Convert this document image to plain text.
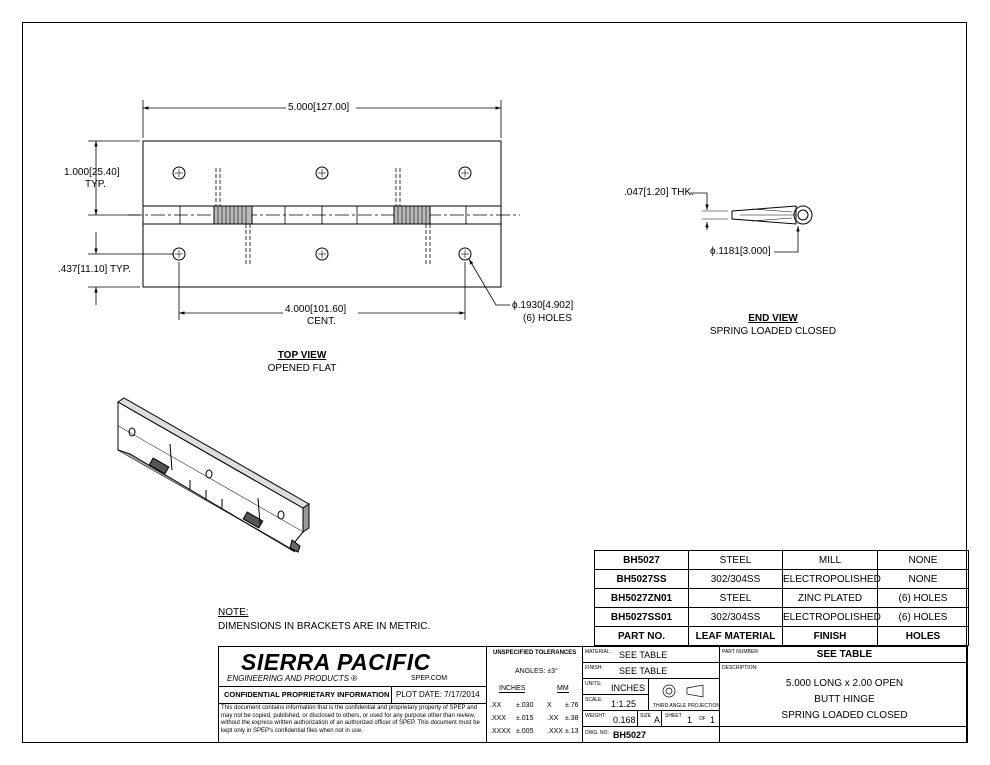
5.000[127.00]
1.000[25.40]
TYP.
.437[11.10] TYP.
4.000[101.60]
CENT.
ϕ.1930[4.902]
(6) HOLES
TOP VIEW
OPENED FLAT
.047[1.20] THK.
ϕ.1181[3.000]
END VIEW
SPRING LOADED CLOSED
NOTE:
DIMENSIONS IN BRACKETS ARE IN METRIC.
BH5027	STEEL	MILL	NONE
BH5027SS	302/304SS	ELECTROPOLISHED	NONE
BH5027ZN01	STEEL	ZINC PLATED	(6) HOLES
BH5027SS01	302/304SS	ELECTROPOLISHED	(6) HOLES
PART NO.	LEAF MATERIAL	FINISH	HOLES
SIERRA PACIFIC
ENGINEERING AND PRODUCTS ®	SPEP.COM
CONFIDENTIAL PROPRIETARY INFORMATION PLOT DATE: 7/17/2014
This document contains information that is the confidential and proprietary property of SPEP and may not be copied, published, or disclosed to others, or used for any purpose other than review, without the express written authorization of an authorized officer of SPEP. This document must be kept only in SPEP's confidential files when not in use.
UNSPECIFIED TOLERANCES
ANGLES: ±3°
INCHES	MM
.XX ±.030
.XXX ±.015
.XXXX ±.005
X ±.76
.XX ±.38
.XXX ±.13
MATERIAL: SEE TABLE
FINISH: SEE TABLE
UNITS: INCHES
SCALE: 1:1.25	THIRD ANGLE PROJECTION
WEIGHT: 0.168 SIZE A SHEET 1 OF 1
DWG. NO: BH5027
PART NUMBER:	SEE TABLE
DESCRIPTION:
5.000 LONG x 2.00 OPEN
BUTT HINGE
SPRING LOADED CLOSED
